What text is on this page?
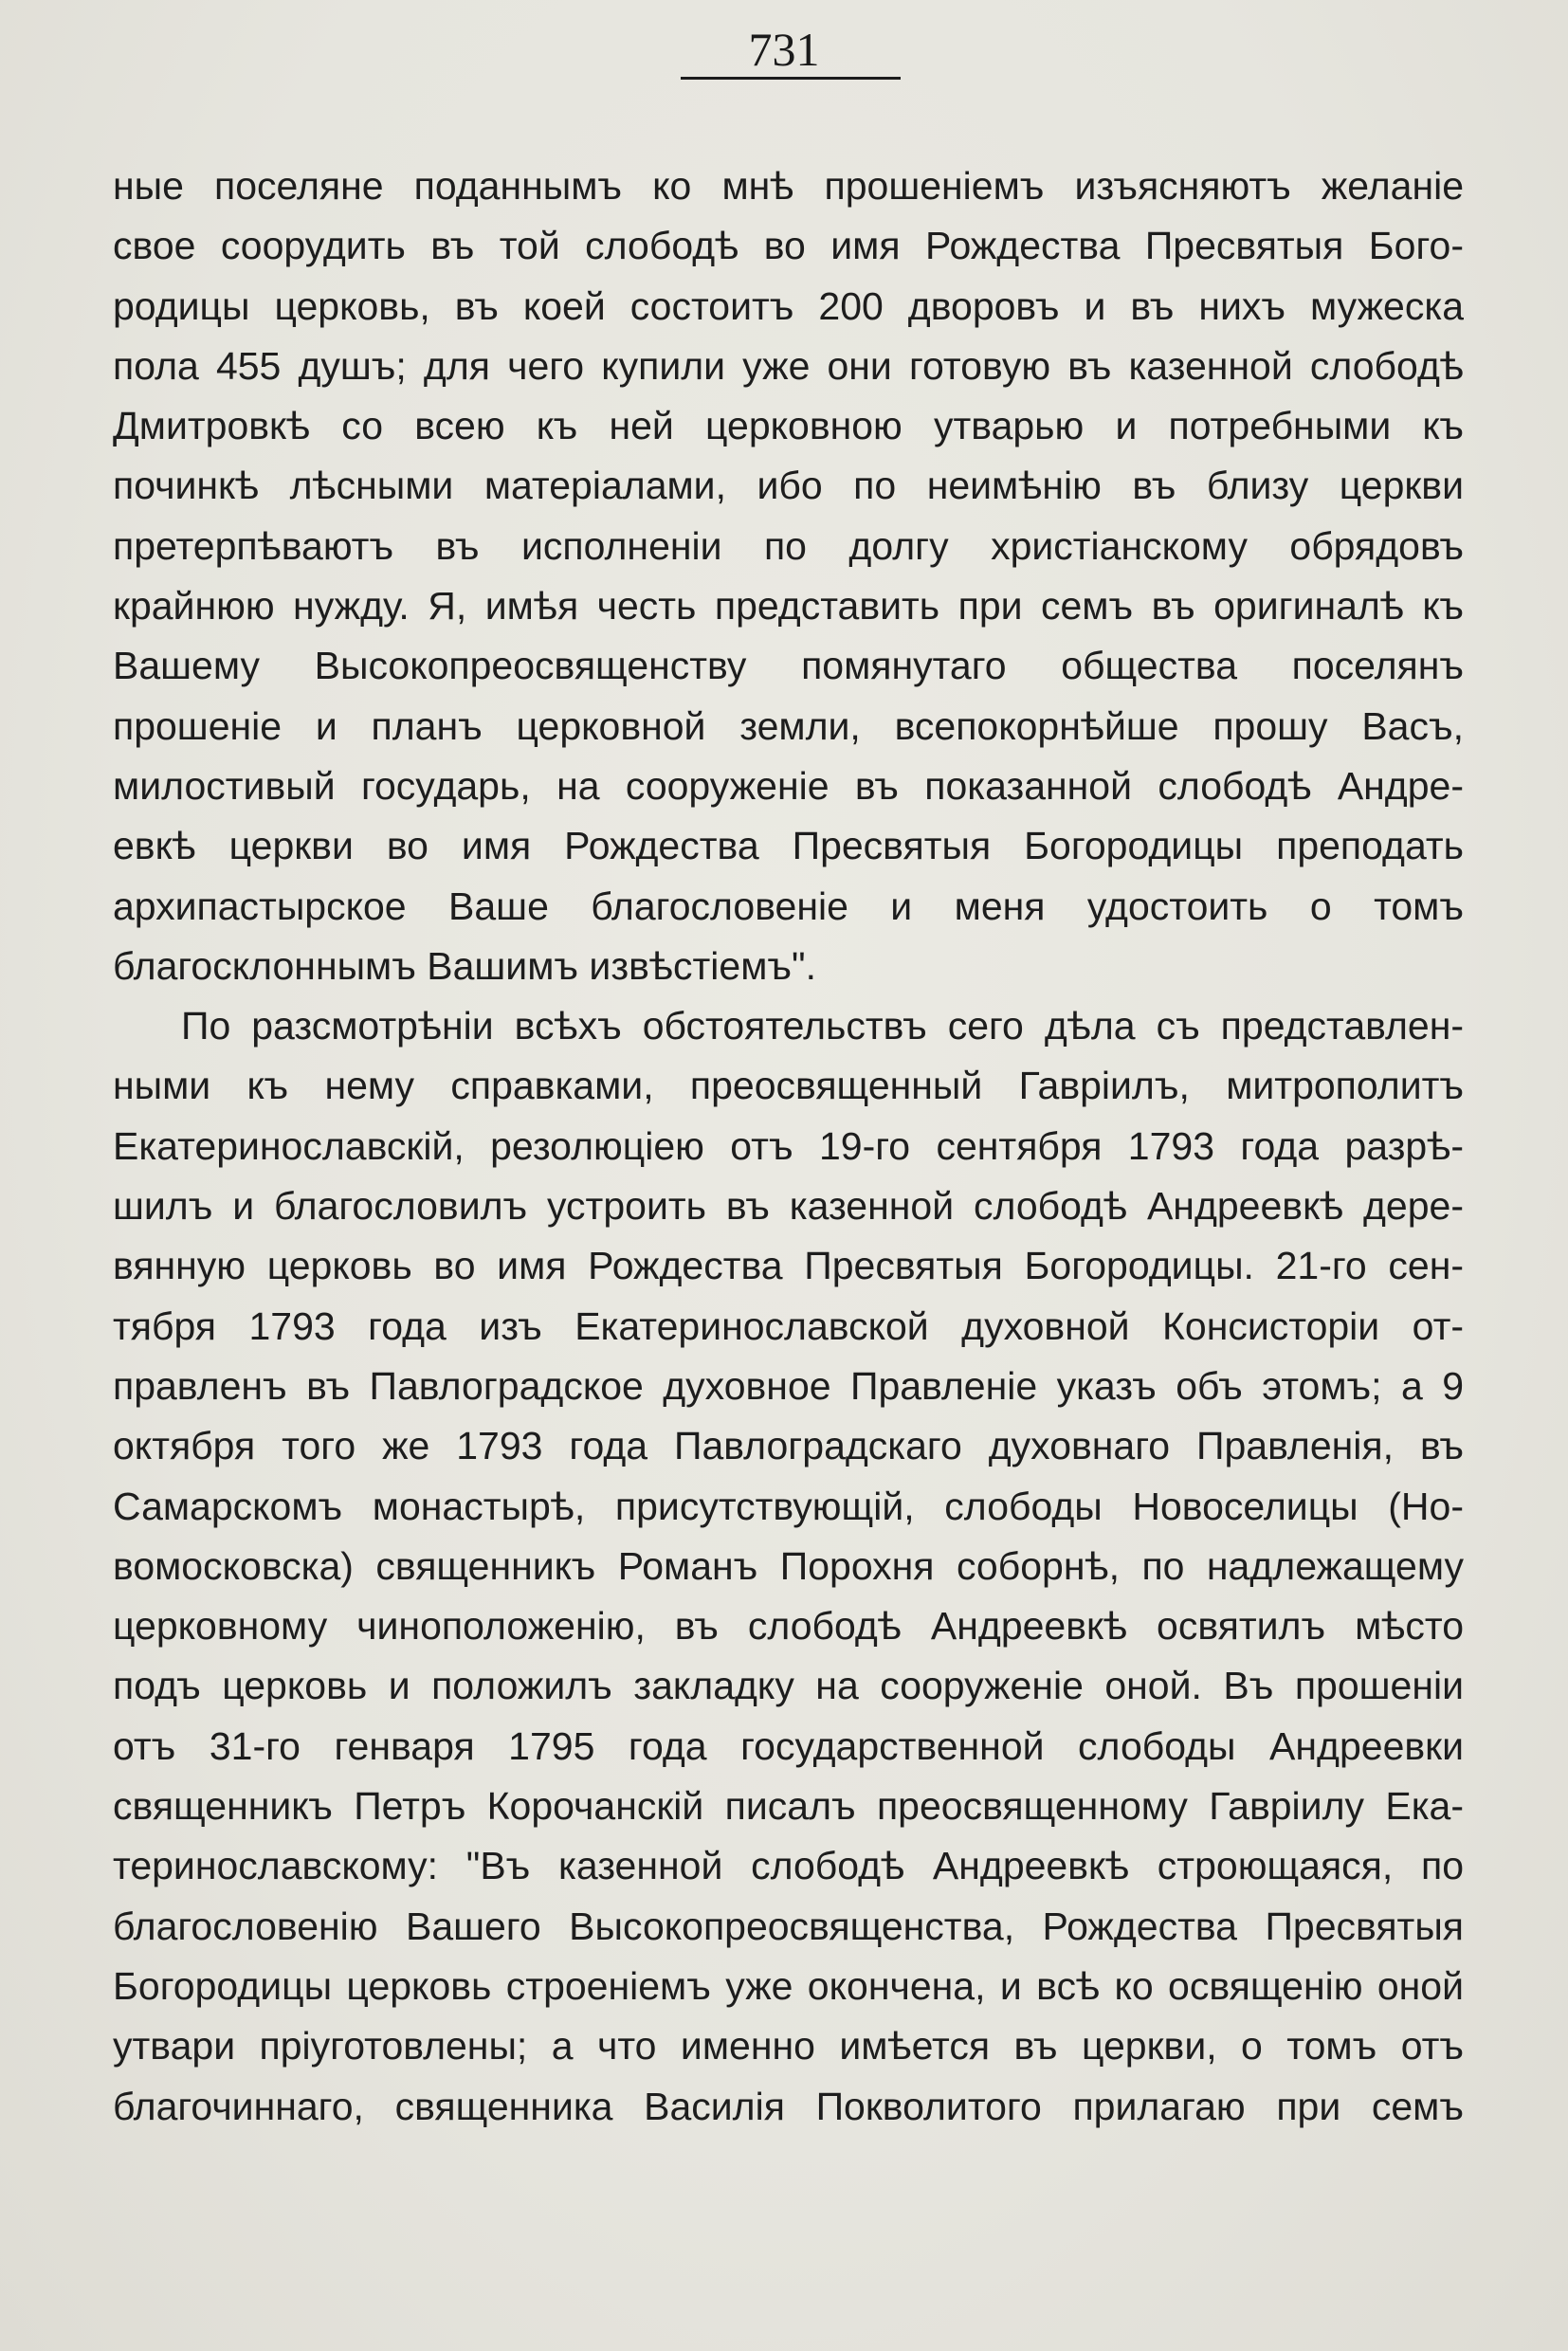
731
ные поселяне поданнымъ ко мнѣ прошеніемъ изъясняютъ желаніе
свое соорудить въ той слободѣ во имя Рождества Пресвятыя Бого-
родицы церковь, въ коей состоитъ 200 дворовъ и въ нихъ мужеска
пола 455 душъ; для чего купили уже они готовую въ казенной слободѣ
Дмитровкѣ со всею къ ней церковною утварью и потребными къ
починкѣ лѣсными матеріалами, ибо по неимѣнію въ близу церкви
претерпѣваютъ въ исполненіи по долгу христіанскому обрядовъ
крайнюю нужду. Я, имѣя честь представить при семъ въ оригиналѣ къ
Вашему Высокопреосвященству помянутаго общества поселянъ
прошеніе и планъ церковной земли, всепокорнѣйше прошу Васъ,
милостивый государь, на сооруженіе въ показанной слободѣ Андре-
евкѣ церкви во имя Рождества Пресвятыя Богородицы преподать
архипастырское Ваше благословеніе и меня удостоить о томъ
благосклоннымъ Вашимъ извѣстіемъ".
По разсмотрѣніи всѣхъ обстоятельствъ сего дѣла съ представлен-
ными къ нему справками, преосвященный Гавріилъ, митрополитъ
Екатеринославскій, резолюціею отъ 19-го сентября 1793 года разрѣ-
шилъ и благословилъ устроить въ казенной слободѣ Андреевкѣ дере-
вянную церковь во имя Рождества Пресвятыя Богородицы. 21-го сен-
тября 1793 года изъ Екатеринославской духовной Консисторіи от-
правленъ въ Павлоградское духовное Правленіе указъ объ этомъ; а 9
октября того же 1793 года Павлоградскаго духовнаго Правленія, въ
Самарскомъ монастырѣ, присутствующій, слободы Новоселицы (Но-
вомосковска) священникъ Романъ Порохня соборнѣ, по надлежащему
церковному чиноположенію, въ слободѣ Андреевкѣ освятилъ мѣсто
подъ церковь и положилъ закладку на сооруженіе оной. Въ прошеніи
отъ 31-го генваря 1795 года государственной слободы Андреевки
священникъ Петръ Корочанскій писалъ преосвященному Гавріилу Ека-
теринославскому: "Въ казенной слободѣ Андреевкѣ строющаяся, по
благословенію Вашего Высокопреосвященства, Рождества Пресвятыя
Богородицы церковь строеніемъ уже окончена, и всѣ ко освященію оной
утвари пріуготовлены; а что именно имѣется въ церкви, о томъ отъ
благочиннаго, священника Василія Покволитого прилагаю при семъ
